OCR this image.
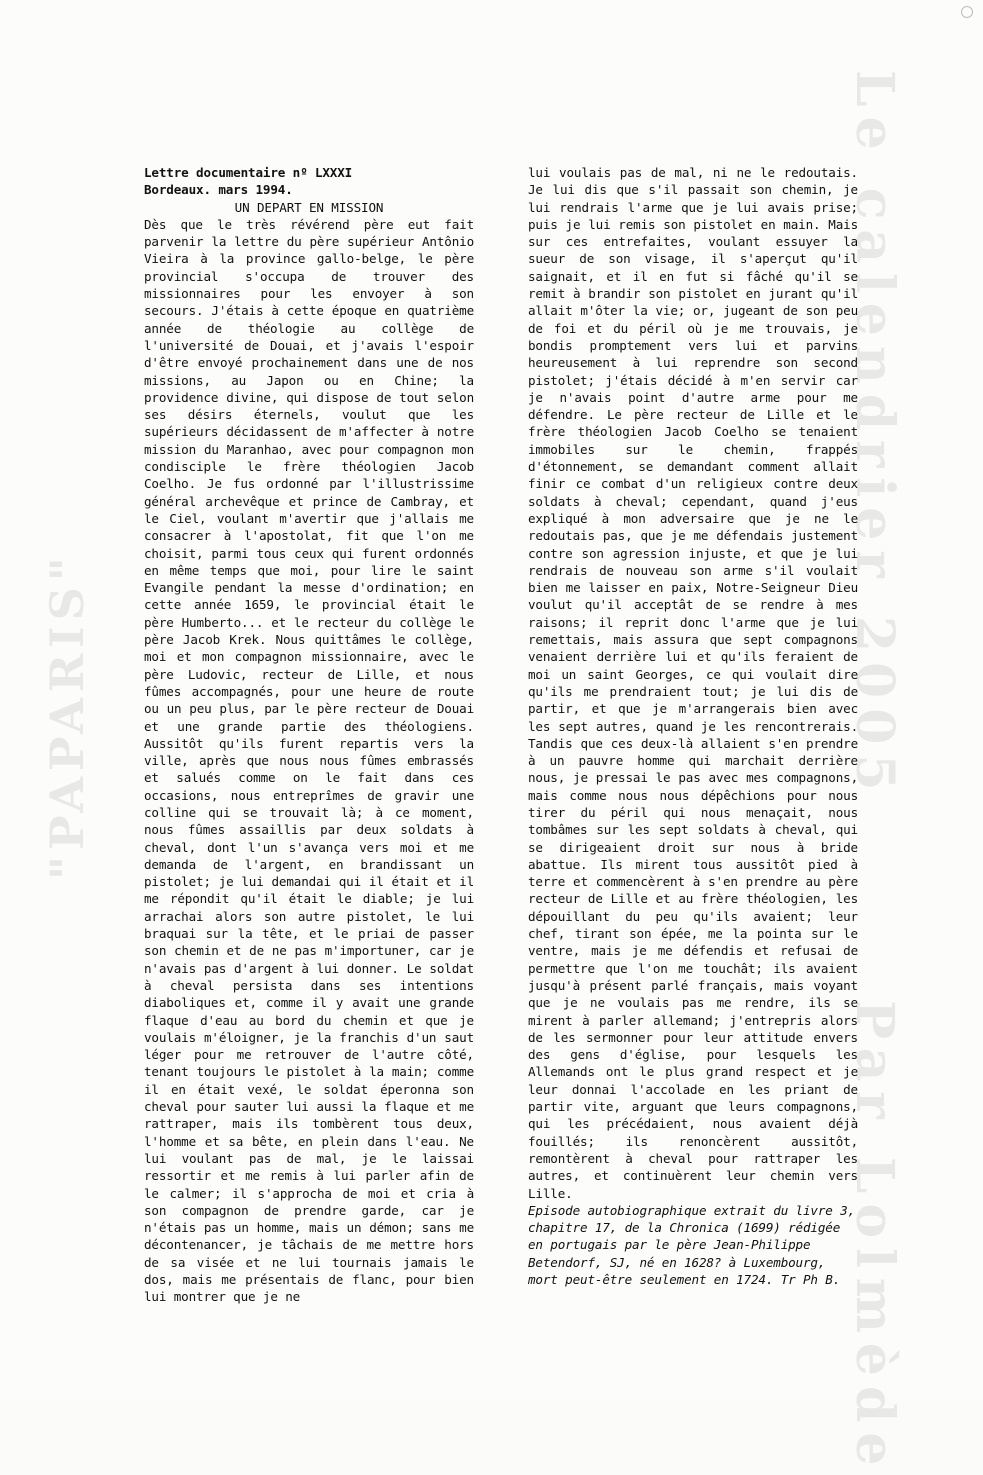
"PAPARIS"	Le calendrier 2005
Par Lolmède

Lettre documentaire nº LXXXI

Bordeaux. mars 1994.

UN DEPART EN MISSION

Dès que le très révérend père eut fait parvenir la lettre du père supérieur Antônio Vieira à la province gallo-belge, le père provincial s'occupa de trouver des missionnaires pour les envoyer à son secours. J'étais à cette époque en quatrième année de théologie au collège de l'université de Douai, et j'avais l'espoir d'être envoyé prochainement dans une de nos missions, au Japon ou en Chine; la providence divine, qui dispose de tout selon ses désirs éternels, voulut que les supérieurs décidassent de m'affecter à notre mission du Maranhao, avec pour compagnon mon condisciple le frère théologien Jacob Coelho. Je fus ordonné par l'illustrissime général archevêque et prince de Cambray, et le Ciel, voulant m'avertir que j'allais me consacrer à l'apostolat, fit que l'on me choisit, parmi tous ceux qui furent ordonnés en même temps que moi, pour lire le saint Evangile pendant la messe d'ordination; en cette année 1659, le provincial était le père Humberto... et le recteur du collège le père Jacob Krek. Nous quittâmes le collège, moi et mon compagnon missionnaire, avec le père Ludovic, recteur de Lille, et nous fûmes accompagnés, pour une heure de route ou un peu plus, par le père recteur de Douai et une grande partie des théologiens. Aussitôt qu'ils furent repartis vers la ville, après que nous nous fûmes embrassés et salués comme on le fait dans ces occasions, nous entreprîmes de gravir une colline qui se trouvait là; à ce moment, nous fûmes assaillis par deux soldats à cheval, dont l'un s'avança vers moi et me demanda de l'argent, en brandissant un pistolet; je lui demandai qui il était et il me répondit qu'il était le diable; je lui arrachai alors son autre pistolet, le lui braquai sur la tête, et le priai de passer son chemin et de ne pas m'importuner, car je n'avais pas d'argent à lui donner. Le soldat à cheval persista dans ses intentions diaboliques et, comme il y avait une grande flaque d'eau au bord du chemin et que je voulais m'éloigner, je la franchis d'un saut léger pour me retrouver de l'autre côté, tenant toujours le pistolet à la main; comme il en était vexé, le soldat éperonna son cheval pour sauter lui aussi la flaque et me rattraper, mais ils tombèrent tous deux, l'homme et sa bête, en plein dans l'eau. Ne lui voulant pas de mal, je le laissai ressortir et me remis à lui parler afin de le calmer; il s'approcha de moi et cria à son compagnon de prendre garde, car je n'étais pas un homme, mais un démon; sans me décontenancer, je tâchais de me mettre hors de sa visée et ne lui tournais jamais le dos, mais me présentais de flanc, pour bien lui montrer que je ne

lui voulais pas de mal, ni ne le redoutais. Je lui dis que s'il passait son chemin, je lui rendrais l'arme que je lui avais prise; puis je lui remis son pistolet en main. Mais sur ces entrefaites, voulant essuyer la sueur de son visage, il s'aperçut qu'il saignait, et il en fut si fâché qu'il se remit à brandir son pistolet en jurant qu'il allait m'ôter la vie; or, jugeant de son peu de foi et du péril où je me trouvais, je bondis promptement vers lui et parvins heureusement à lui reprendre son second pistolet; j'étais décidé à m'en servir car je n'avais point d'autre arme pour me défendre. Le père recteur de Lille et le frère théologien Jacob Coelho se tenaient immobiles sur le chemin, frappés d'étonnement, se demandant comment allait finir ce combat d'un religieux contre deux soldats à cheval; cependant, quand j'eus expliqué à mon adversaire que je ne le redoutais pas, que je me défendais justement contre son agression injuste, et que je lui rendrais de nouveau son arme s'il voulait bien me laisser en paix, Notre-Seigneur Dieu voulut qu'il acceptât de se rendre à mes raisons; il reprit donc l'arme que je lui remettais, mais assura que sept compagnons venaient derrière lui et qu'ils feraient de moi un saint Georges, ce qui voulait dire qu'ils me prendraient tout; je lui dis de partir, et que je m'arrangerais bien avec les sept autres, quand je les rencontrerais. Tandis que ces deux-là allaient s'en prendre à un pauvre homme qui marchait derrière nous, je pressai le pas avec mes compagnons, mais comme nous nous dépêchions pour nous tirer du péril qui nous menaçait, nous tombâmes sur les sept soldats à cheval, qui se dirigeaient droit sur nous à bride abattue. Ils mirent tous aussitôt pied à terre et commencèrent à s'en prendre au père recteur de Lille et au frère théologien, les dépouillant du peu qu'ils avaient; leur chef, tirant son épée, me la pointa sur le ventre, mais je me défendis et refusai de permettre que l'on me touchât; ils avaient jusqu'à présent parlé français, mais voyant que je ne voulais pas me rendre, ils se mirent à parler allemand; j'entrepris alors de les sermonner pour leur attitude envers des gens d'église, pour lesquels les Allemands ont le plus grand respect et je leur donnai l'accolade en les priant de partir vite, arguant que leurs compagnons, qui les précédaient, nous avaient déjà fouillés; ils renoncèrent aussitôt, remontèrent à cheval pour rattraper les autres, et continuèrent leur chemin vers Lille.

Episode autobiographique extrait du livre 3, chapitre 17, de la Chronica (1699) rédigée en portugais par le père Jean-Philippe Betendorf, SJ, né en 1628? à Luxembourg, mort peut-être seulement en 1724. Tr Ph B.
